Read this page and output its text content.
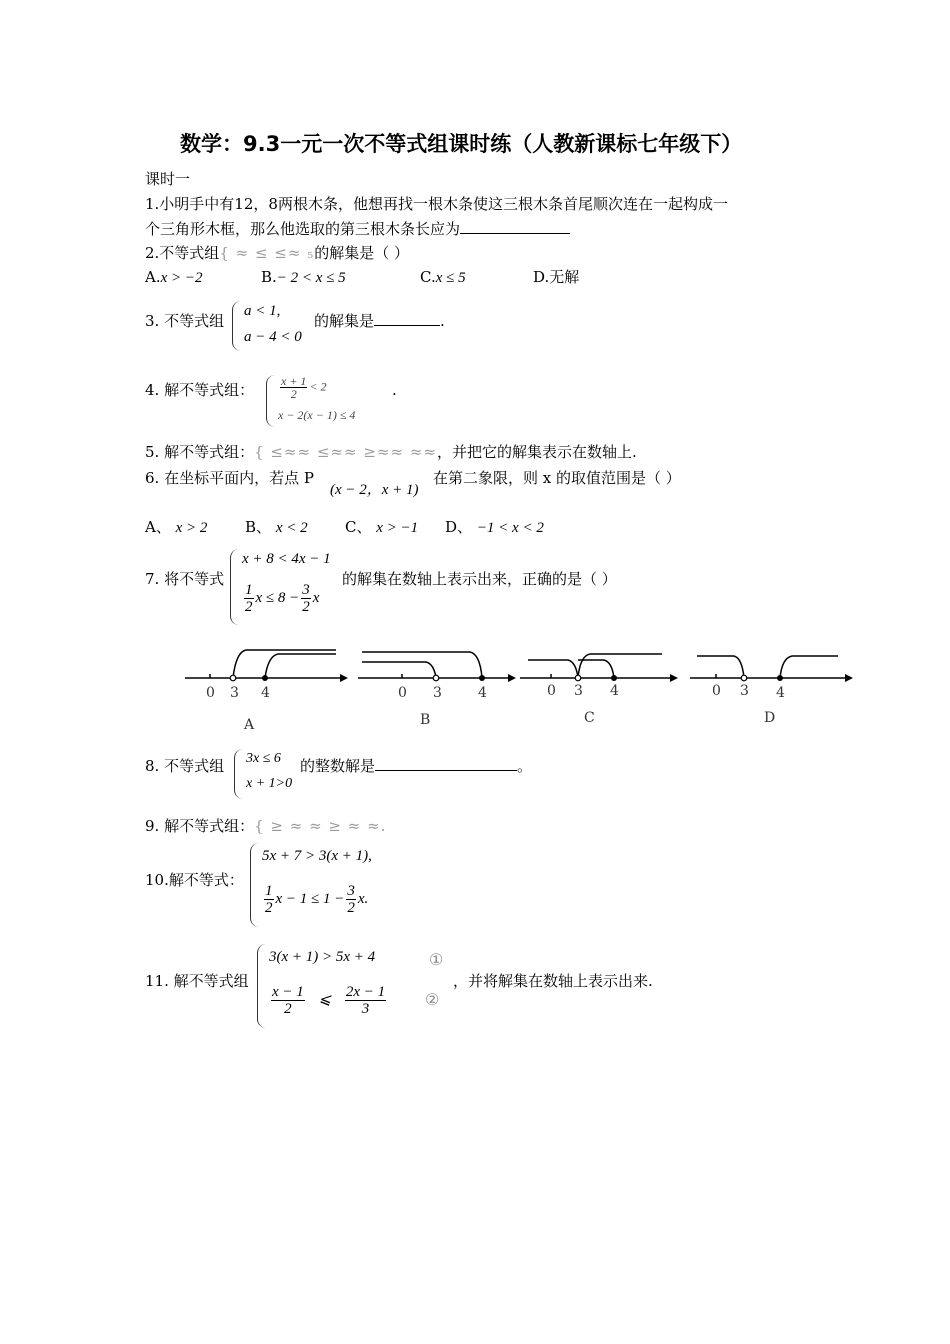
数学：9.3一元一次不等式组课时练（人教新课标七年级下）
课时一
1.小明手中有12，8两根木条，他想再找一根木条使这三根木条首尾顺次连在一起构成一
个三角形木框，那么他选取的第三根木条长应为
2.不等式组{ ≈ ≤ ≤≈ ₅的解集是（ ）
A.x > −2	B.− 2 < x ≤ 5	C.x ≤ 5	D.无解
3. 不等式组
a < 1,
a − 4 < 0
的解集是	.
4. 解不等式组： $\frac{x + 1}{2} < 2$
x − 2(x − 1) ≤ 4
.
5. 解不等式组：{ ≤≈≈ ≤≈≈ ≥≈≈ ≈≈，并把它的解集表示在数轴上.
6. 在坐标平面内，若点 P
(x − 2，x + 1)
在第二象限，则 x 的取值范围是（ ）
A、 x > 2	B、 x < 2 C、 x > −1 D、 −1 < x < 2
7. 将不等式
x + 8 < 4x − 1
$\frac{1}{2}$ $x \le 8 - \frac{3}{2}$ x
的解集在数轴上表示出来，正确的是（ ）
0 3 4
A
0 3	4
B
0 3 4
C
0 3 4
D
8. 不等式组 3x ≤ 6
x + 1>0
的整数解是	。
9. 解不等式组：{ ≥ ≈ ≈ ≥ ≈ ≈.
10.解不等式：
5x + 7 > 3(x + 1),
$\frac{1}{2}$ $x - 1 \le 1 - \frac{3}{2} x$.
11. 解不等式组
3(x + 1) > 5x + 4
$\frac{x - 1}{2}$ ⩽ $\frac{2x - 1}{3}$
①
②
，并将解集在数轴上表示出来.
